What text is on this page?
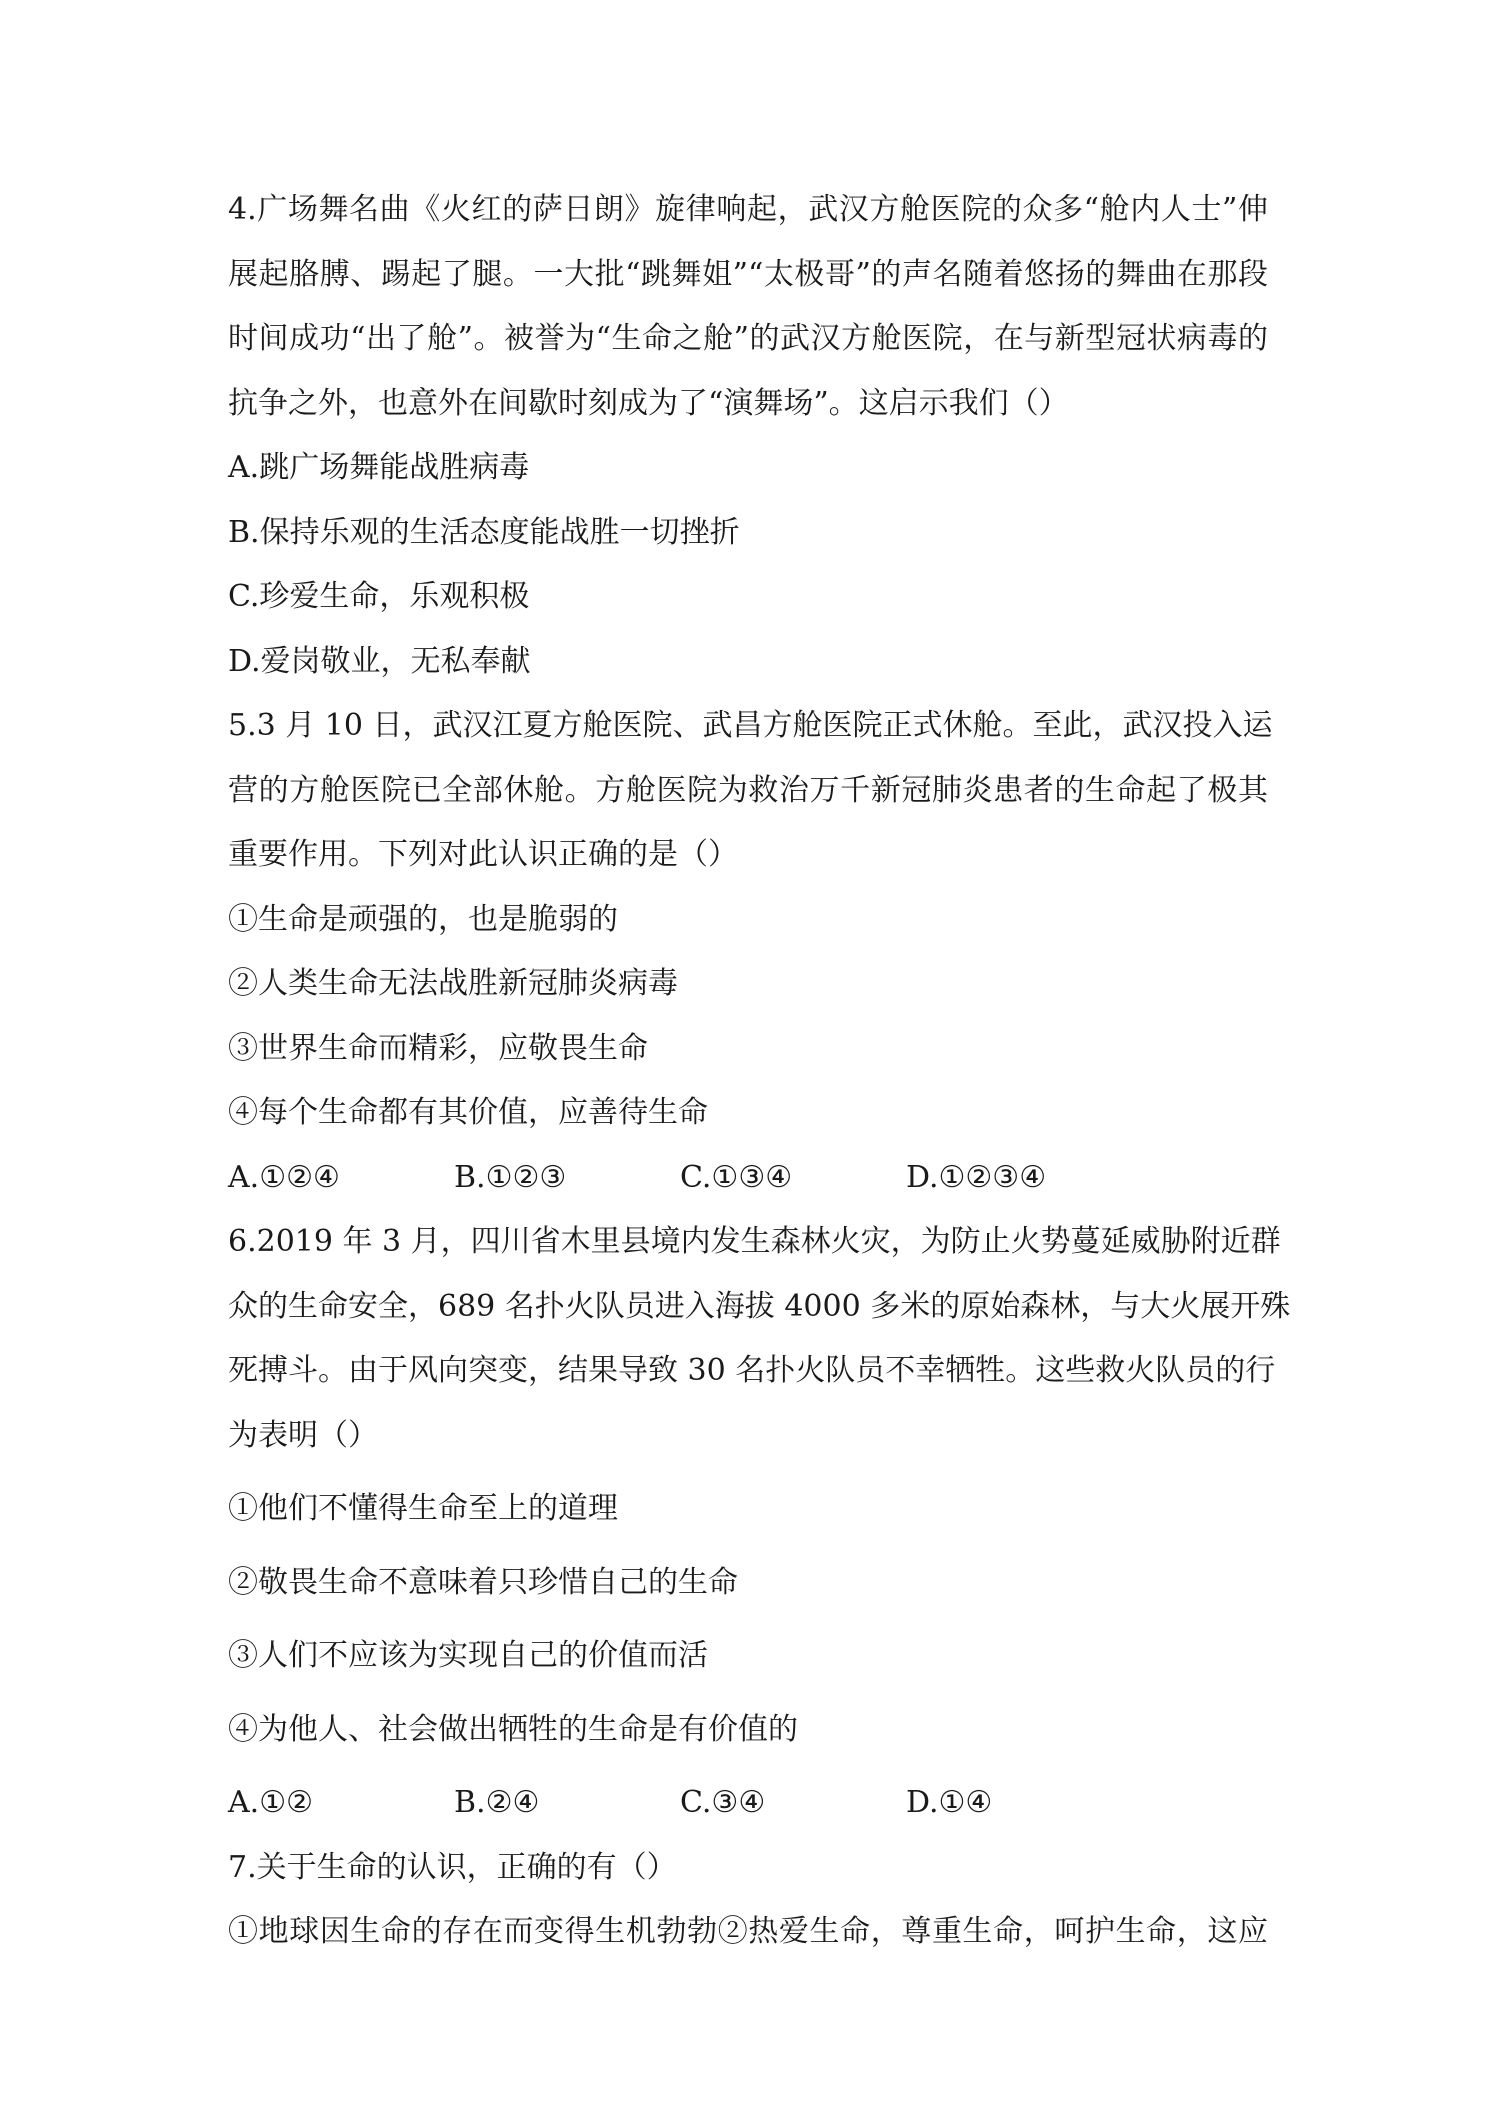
4.广场舞名曲《火红的萨日朗》旋律响起，武汉方舱医院的众多“舱内人士”伸
展起胳膊、踢起了腿。一大批“跳舞姐”“太极哥”的声名随着悠扬的舞曲在那段
时间成功“出了舱”。被誉为“生命之舱”的武汉方舱医院，在与新型冠状病毒的
抗争之外，也意外在间歇时刻成为了“演舞场”。这启示我们（）
A.跳广场舞能战胜病毒
B.保持乐观的生活态度能战胜一切挫折
C.珍爱生命，乐观积极
D.爱岗敬业，无私奉献
5.3 月 10 日，武汉江夏方舱医院、武昌方舱医院正式休舱。至此，武汉投入运
营的方舱医院已全部休舱。方舱医院为救治万千新冠肺炎患者的生命起了极其
重要作用。下列对此认识正确的是（）
①生命是顽强的，也是脆弱的
②人类生命无法战胜新冠肺炎病毒
③世界生命而精彩，应敬畏生命
④每个生命都有其价值，应善待生命
A.①②④	B.①②③	C.①③④	D.①②③④
6.2019 年 3 月，四川省木里县境内发生森林火灾，为防止火势蔓延威胁附近群
众的生命安全，689 名扑火队员进入海拔 4000 多米的原始森林，与大火展开殊
死搏斗。由于风向突变，结果导致 30 名扑火队员不幸牺牲。这些救火队员的行
为表明（）
①他们不懂得生命至上的道理
②敬畏生命不意味着只珍惜自己的生命
③人们不应该为实现自己的价值而活
④为他人、社会做出牺牲的生命是有价值的
A.①②	B.②④	C.③④	D.①④
7.关于生命的认识，正确的有（）
①地球因生命的存在而变得生机勃勃②热爱生命，尊重生命，呵护生命，这应
